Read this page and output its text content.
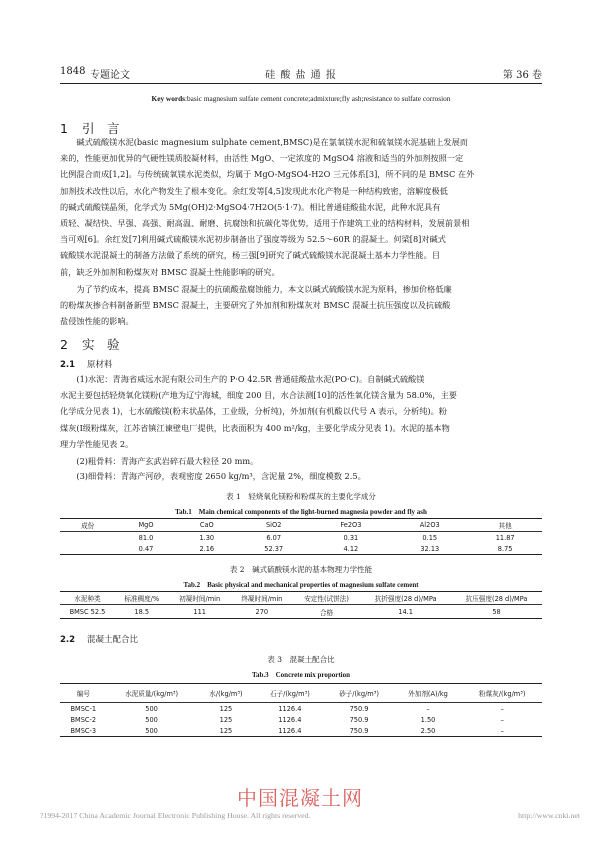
1848 专题论文	硅 酸 盐 通 报	第 36 卷
Key words:basic magnesium sulfate cement concrete;admixture;fly ash;resistance to sulfate corrosion
1 引　言
碱式硫酸镁水泥(basic magnesium sulphate cement,BMSC)是在氯氧镁水泥和硫氧镁水泥基础上发展而
来的，性能更加优异的气硬性镁质胶凝材料，由活性 MgO、一定浓度的 MgSO4 溶液和适当的外加剂按照一定
比例混合而成[1,2]。与传统硫氧镁水泥类似，均属于 MgO-MgSO4-H2O 三元体系[3]，所不同的是 BMSC 在外
加剂技术改性以后，水化产物发生了根本变化。余红发等[4,5]发现此水化产物是一种结构致密，溶解度极低
的碱式硫酸镁晶须，化学式为 5Mg(OH)2·MgSO4·7H2O(5·1·7)。相比普通硅酸盐水泥，此种水泥具有
质轻、凝结快、早强、高强、耐高温、耐磨、抗腐蚀和抗碳化等优势，适用于作建筑工业的结构材料，发展前景相
当可观[6]。余红发[7]利用碱式硫酸镁水泥初步制备出了强度等级为 52.5～60R 的混凝土。何梁[8]对碱式
硫酸镁水泥混凝土的制备方法做了系统的研究，杨三强[9]研究了碱式硫酸镁水泥混凝土基本力学性能。目
前，缺乏外加剂和粉煤灰对 BMSC 混凝土性能影响的研究。
为了节约成本，提高 BMSC 混凝土的抗硫酸盐腐蚀能力，本文以碱式硫酸镁水泥为原料，掺加价格低廉
的粉煤灰掺合料制备新型 BMSC 混凝土，主要研究了外加剂和粉煤灰对 BMSC 混凝土抗压强度以及抗硫酸
盐侵蚀性能的影响。
2 实　验
2.1 原材料
(1)水泥：青海省威远水泥有限公司生产的 P·O 42.5R 普通硅酸盐水泥(PO·C)。自制碱式硫酸镁
水泥主要包括轻烧氧化镁粉(产地为辽宁海城，细度 200 目，水合法测[10]的活性氧化镁含量为 58.0%，主要
化学成分见表 1)，七水硫酸镁(粉末状晶体，工业级，分析纯)，外加剂(有机酸以代号 A 表示，分析纯)。粉
煤灰(Ⅰ级粉煤灰，江苏省镇江谏壁电厂提供，比表面积为 400 m²/kg，主要化学成分见表 1)。水泥的基本物
理力学性能见表 2。
(2)粗骨料：青海产玄武岩碎石最大粒径 20 mm。
(3)细骨料：青海产河砂，表观密度 2650 kg/m³，含泥量 2%，细度模数 2.5。
表 1　轻烧氧化镁粉和粉煤灰的主要化学成分
Tab.1　Main chemical components of the light-burned magnesia powder and fly ash
成份	MgO	CaO	SiO2	Fe2O3	Al2O3	其他
	81.0	1.30	6.07	0.31	0.15	11.87
	0.47	2.16	52.37	4.12	32.13	8.75
表 2　碱式硫酸镁水泥的基本物理力学性能
Tab.2　Basic physical and mechanical properties of magnesium sulfate cement
水泥种类	标准稠度/%	初凝时间/min	终凝时间/min	安定性(试饼法)	抗折强度(28 d)/MPa	抗压强度(28 d)/MPa
BMSC 52.5	18.5	111	270	合格	14.1	58
2.2 混凝土配合比
表 3　混凝土配合比
Tab.3　Concrete mix proportion
编号	水泥质量/(kg/m³)	水/(kg/m³)	石子/(kg/m³)	砂子/(kg/m³)	外加剂(A)/kg	粉煤灰/(kg/m³)
BMSC-1	500	125	1126.4	750.9	–	–
BMSC-2	500	125	1126.4	750.9	1.50	–
BMSC-3	500	125	1126.4	750.9	2.50	–
中国混凝土网
?1994-2017 China Academic Journal Electronic Publishing House. All rights reserved.	http://www.cnki.net
